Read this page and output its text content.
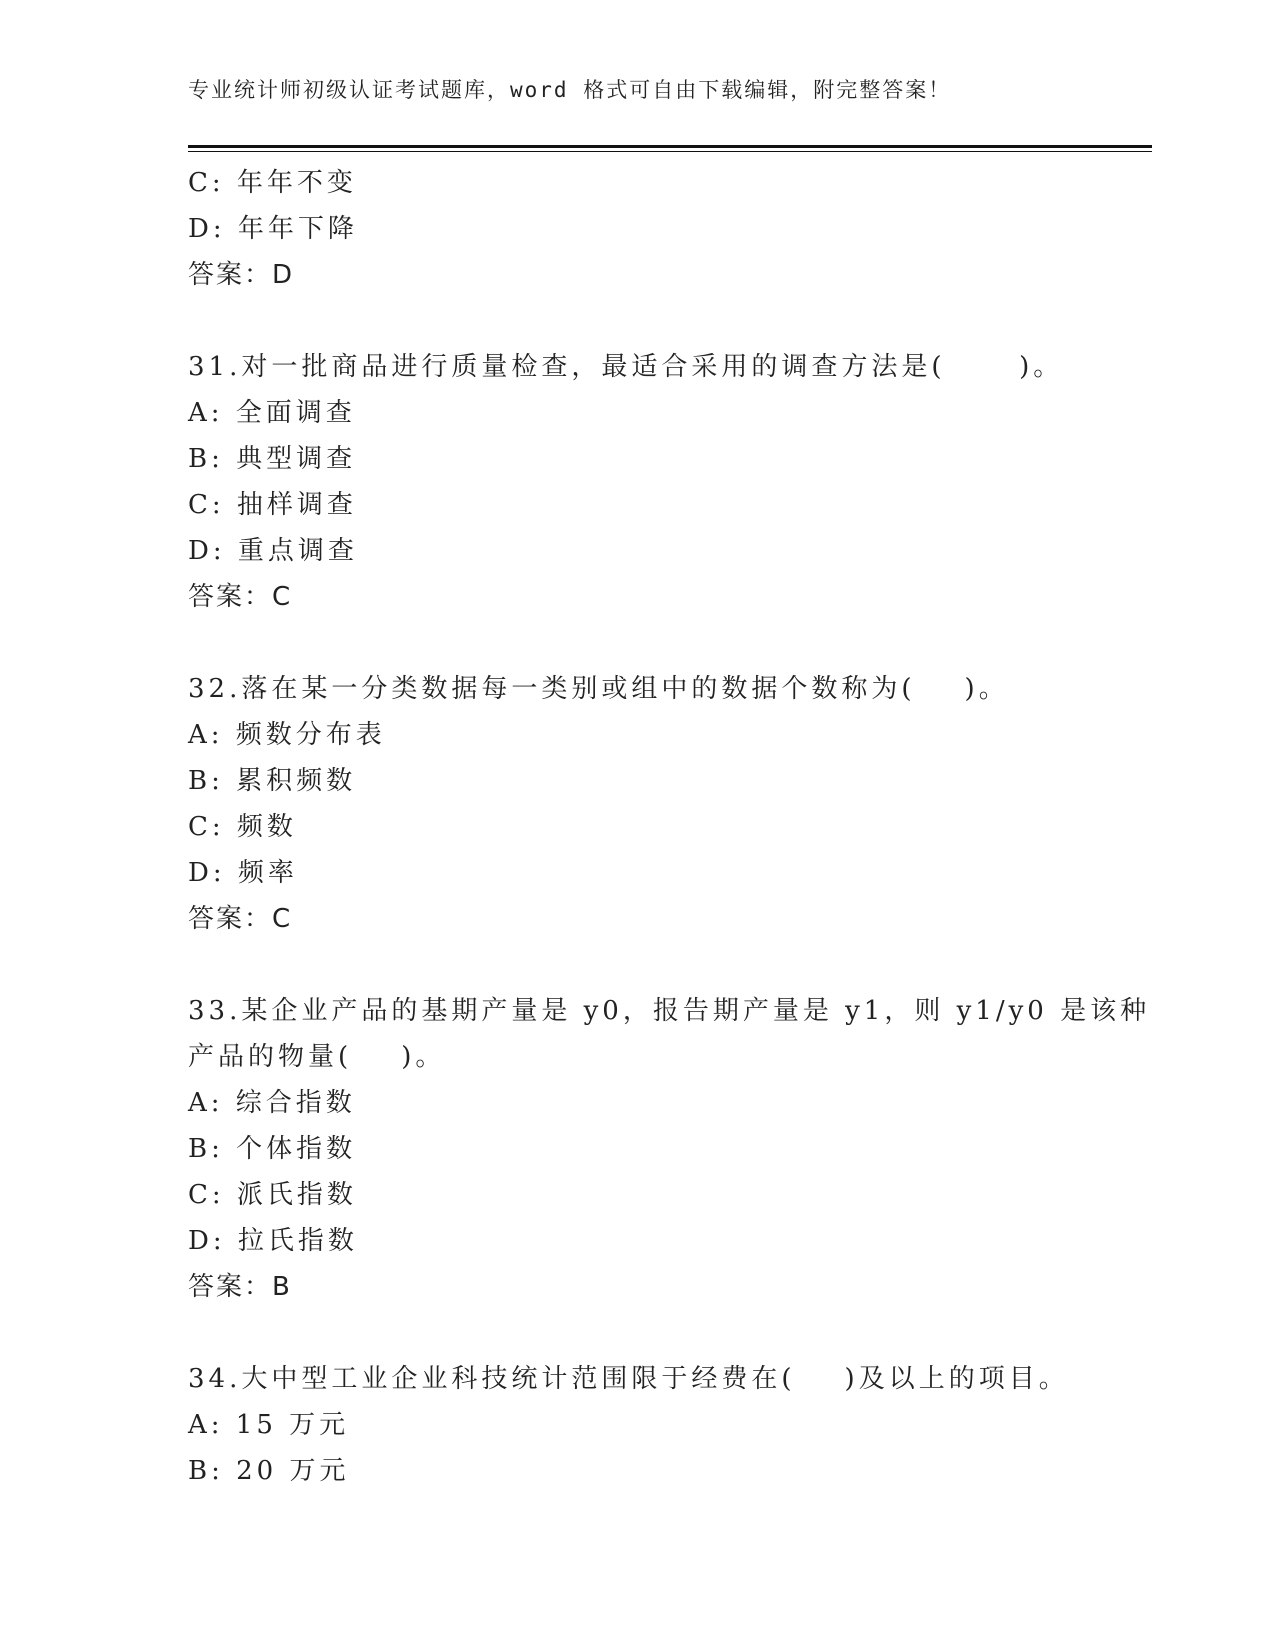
专业统计师初级认证考试题库，word 格式可自由下载编辑，附完整答案！
C: 年年不变
D: 年年下降
答案：D
31.对一批商品进行质量检查，最适合采用的调查方法是(      )。
A: 全面调查
B: 典型调查
C: 抽样调查
D: 重点调查
答案：C
32.落在某一分类数据每一类别或组中的数据个数称为(    )。
A: 频数分布表
B: 累积频数
C: 频数
D: 频率
答案：C
33.某企业产品的基期产量是 y0，报告期产量是 y1，则 y1/y0 是该种
产品的物量(    )。
A: 综合指数
B: 个体指数
C: 派氏指数
D: 拉氏指数
答案：B
34.大中型工业企业科技统计范围限于经费在(    )及以上的项目。
A: 15 万元
B: 20 万元
